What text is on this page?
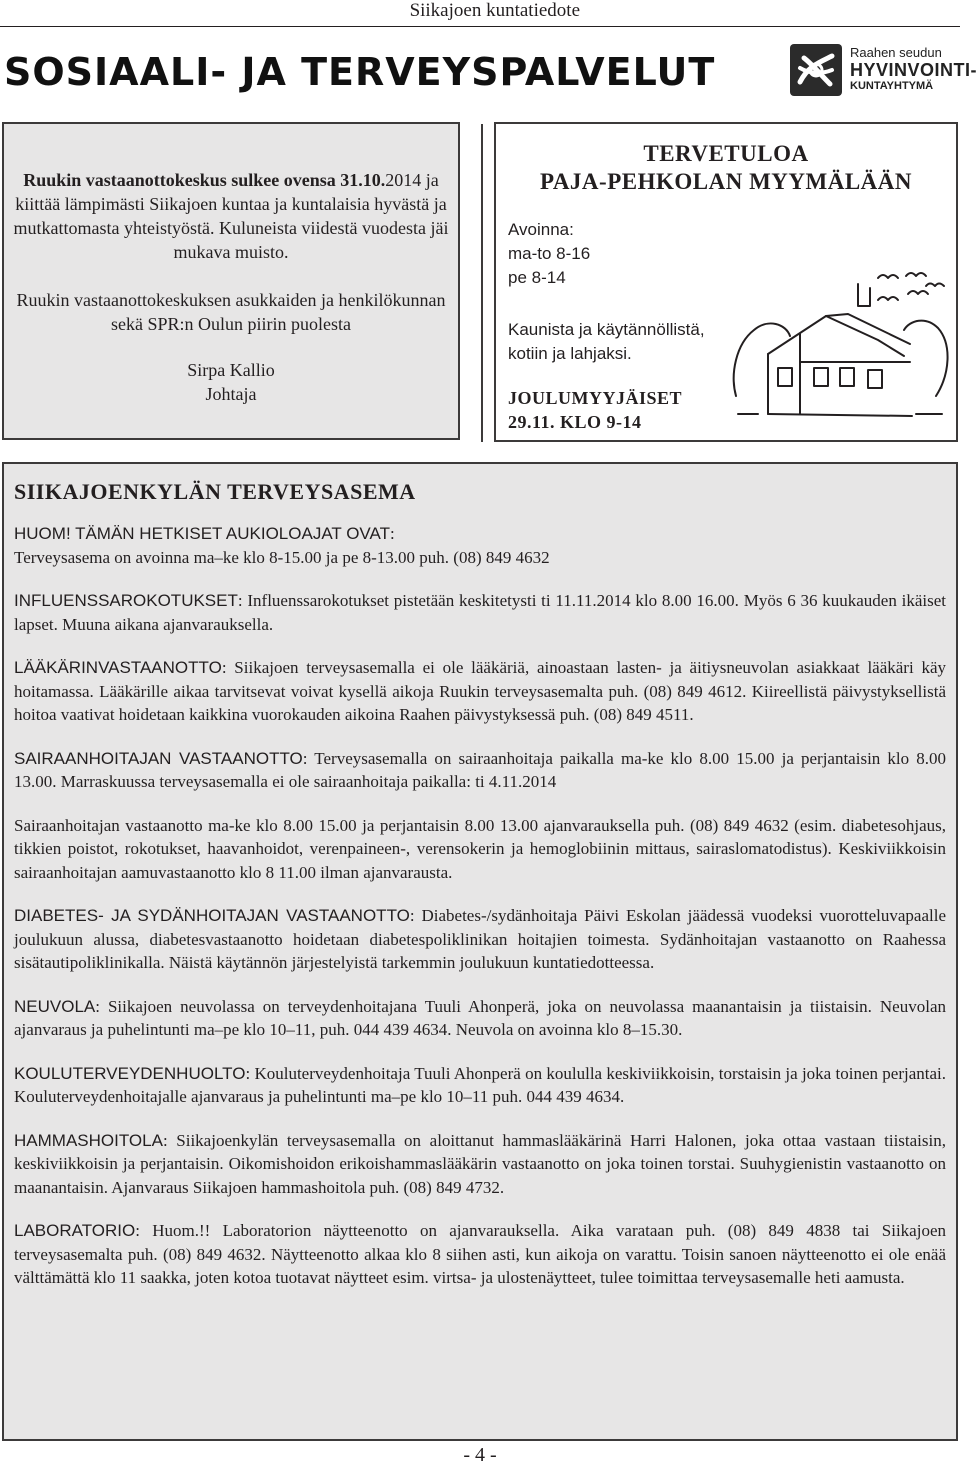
Siikajoen kuntatiedote
SOSIAALI- JA TERVEYSPALVELUT	Raahen seudun
HYVINVOINTI-
KUNTAYHTYMÄ

Ruukin vastaanottokeskus sulkee ovensa 31.10.2014 ja kiittää lämpimästi Siikajoen kuntaa ja kuntalaisia hyvästä ja mutkattomasta yhteistyöstä. Kuluneista viidestä vuodesta jäi mukava muisto.

Ruukin vastaanottokeskuksen asukkaiden ja henkilökunnan sekä SPR:n Oulun piirin puolesta

Sirpa Kallio

Johtaja

TERVETULOA
PAJA-PEHKOLAN MYYMÄLÄÄN
Avoinna:
ma-to 8-16
pe 8-14
Kaunista ja käytännöllistä,
kotiin ja lahjaksi.
JOULUMYYJÄISET
29.11. KLO 9-14
SIIKAJOENKYLÄN TERVEYSASEMA

HUOM! TÄMÄN HETKISET AUKIOLOAJAT OVAT:
Terveysasema on avoinna ma–ke klo 8-15.00 ja pe 8-13.00 puh. (08) 849 4632

INFLUENSSAROKOTUKSET: Influenssarokotukset pistetään keskitetysti ti 11.11.2014 klo 8.00 16.00. Myös 6 36 kuukauden ikäiset lapset. Muuna aikana ajanvarauksella.

LÄÄKÄRINVASTAANOTTO: Siikajoen terveysasemalla ei ole lääkäriä, ainoastaan lasten- ja äitiysneuvolan asiakkaat lääkäri käy hoitamassa. Lääkärille aikaa tarvitsevat voivat kysellä aikoja Ruukin terveysasemalta puh. (08) 849 4612. Kiireellistä päivystyksellistä hoitoa vaativat hoidetaan kaikkina vuorokauden aikoina Raahen päivystyksessä puh. (08) 849 4511.

SAIRAANHOITAJAN VASTAANOTTO: Terveysasemalla on sairaanhoitaja paikalla ma-ke klo 8.00 15.00 ja perjantaisin klo 8.00 13.00. Marraskuussa terveysasemalla ei ole sairaanhoitaja paikalla: ti 4.11.2014

Sairaanhoitajan vastaanotto ma-ke klo 8.00 15.00 ja perjantaisin 8.00 13.00 ajanvarauksella puh. (08) 849 4632 (esim. diabetesohjaus, tikkien poistot, rokotukset, haavanhoidot, verenpaineen-, verensokerin ja hemoglobiinin mittaus, sairaslomatodistus). Keskiviikkoisin sairaanhoitajan aamuvastaanotto klo 8 11.00 ilman ajanvarausta.

DIABETES- JA SYDÄNHOITAJAN VASTAANOTTO: Diabetes-/sydänhoitaja Päivi Eskolan jäädessä vuodeksi vuorotteluvapaalle joulukuun alussa, diabetesvastaanotto hoidetaan diabetespoliklinikan hoitajien toimesta. Sydänhoitajan vastaanotto on Raahessa sisätautipoliklinikalla. Näistä käytännön järjestelyistä tarkemmin joulukuun kuntatiedotteessa.

NEUVOLA: Siikajoen neuvolassa on terveydenhoitajana Tuuli Ahonperä, joka on neuvolassa maanantaisin ja tiistaisin. Neuvolan ajanvaraus ja puhelintunti ma–pe klo 10–11, puh. 044 439 4634. Neuvola on avoinna klo 8–15.30.

KOULUTERVEYDENHUOLTO: Kouluterveydenhoitaja Tuuli Ahonperä on koululla keskiviikkoisin, torstaisin ja joka toinen perjantai. Kouluterveydenhoitajalle ajanvaraus ja puhelintunti ma–pe klo 10–11 puh. 044 439 4634.

HAMMASHOITOLA: Siikajoenkylän terveysasemalla on aloittanut hammaslääkärinä Harri Halonen, joka ottaa vastaan tiistaisin, keskiviikkoisin ja perjantaisin. Oikomishoidon erikoishammaslääkärin vastaanotto on joka toinen torstai. Suuhygienistin vastaanotto on maanantaisin. Ajanvaraus Siikajoen hammashoitola puh. (08) 849 4732.

LABORATORIO: Huom.!! Laboratorion näytteenotto on ajanvarauksella. Aika varataan puh. (08) 849 4838 tai Siikajoen terveysasemalta puh. (08) 849 4632. Näytteenotto alkaa klo 8 siihen asti, kun aikoja on varattu. Toisin sanoen näytteenotto ei ole enää välttämättä klo 11 saakka, joten kotoa tuotavat näytteet esim. virtsa- ja ulostenäytteet, tulee toimittaa terveysasemalle heti aamusta.

- 4 -
